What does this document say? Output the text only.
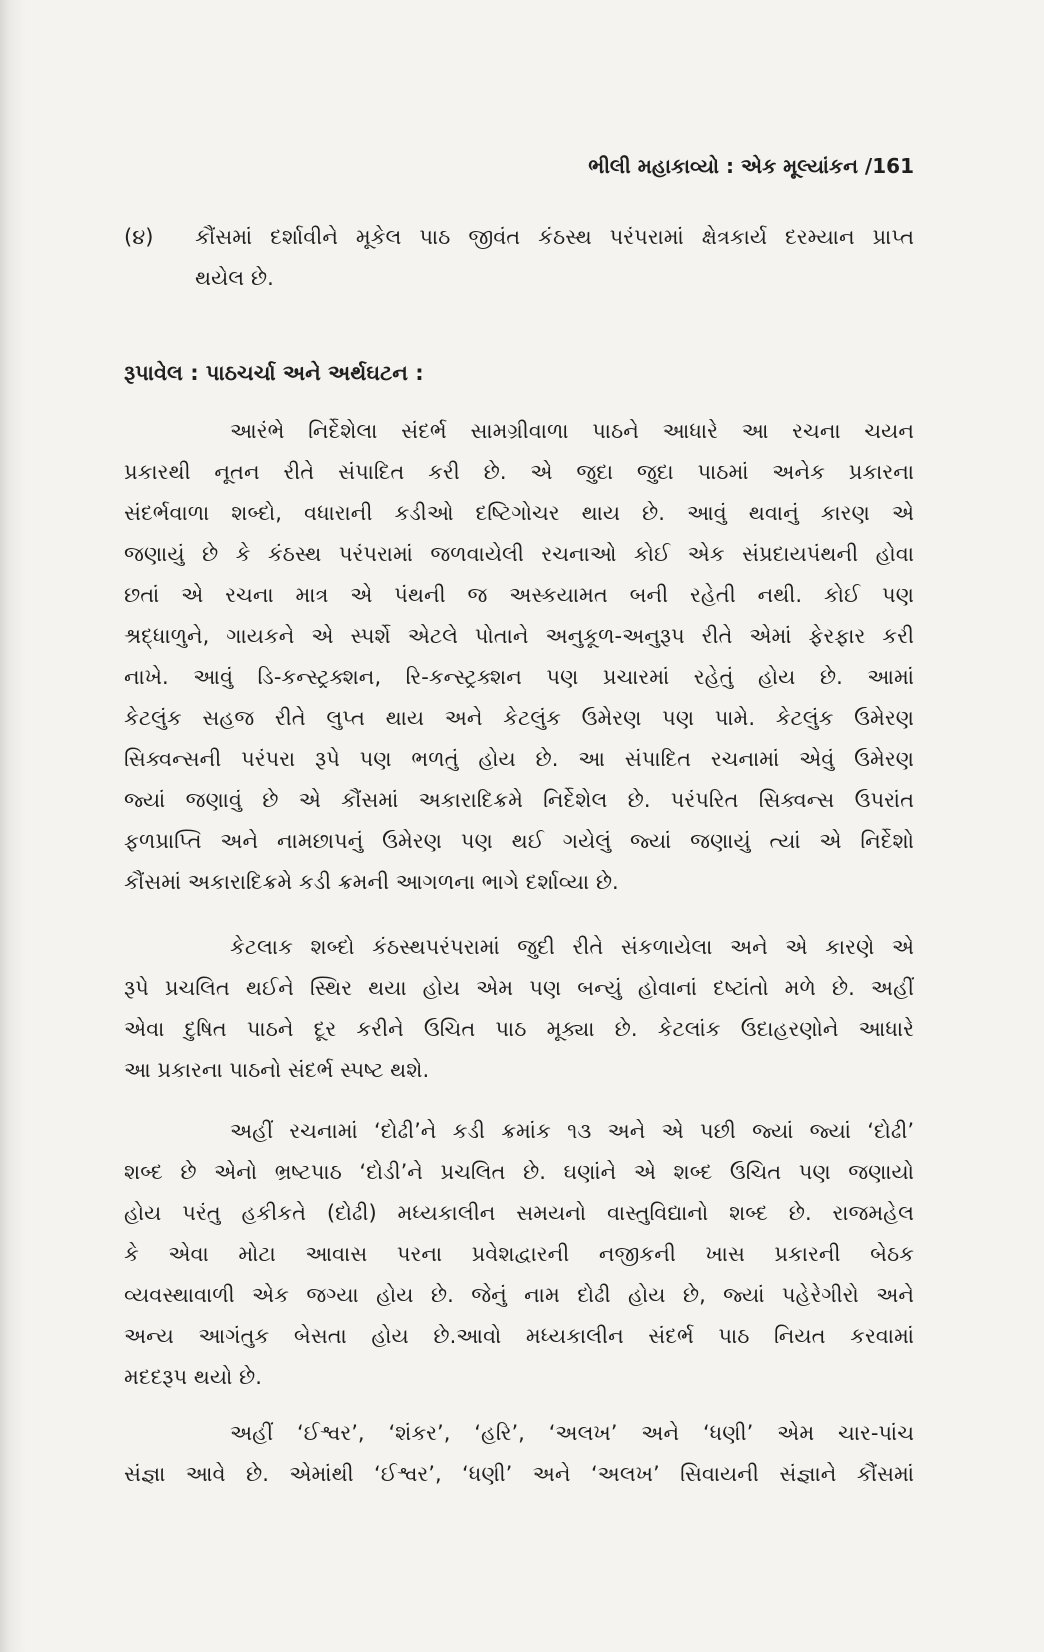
ભીલી મહાકાવ્યો : એક મૂલ્યાંકન /161
(૪) કૌંસમાં દર્શાવીને મૂકેલ પાઠ જીવંત કંઠસ્થ પરંપરામાં ક્ષેત્રકાર્ય દરમ્યાન પ્રાપ્ત
થયેલ છે.
રૂપાવેલ : પાઠચર્ચા અને અર્થઘટન :
આરંભે નિર્દેશેલા સંદર્ભ સામગ્રીવાળા પાઠને આધારે આ રચના ચયન
પ્રકારથી નૂતન રીતે સંપાદિત કરી છે. એ જુદા જુદા પાઠમાં અનેક પ્રકારના
સંદર્ભવાળા શબ્દો, વધારાની કડીઓ દષ્ટિગોચર થાય છે. આવું થવાનું કારણ એ
જણાયું છે કે કંઠસ્થ પરંપરામાં જળવાયેલી રચનાઓ કોઈ એક સંપ્રદાયપંથની હોવા
છતાં એ રચના માત્ર એ પંથની જ અસ્કયામત બની રહેતી નથી. કોઈ પણ
શ્રદ્ધાળુને, ગાયકને એ સ્પર્શે એટલે પોતાને અનુકૂળ-અનુરૂપ રીતે એમાં ફેરફાર કરી
નાખે. આવું ડિ-કન્સ્ટ્રક્શન, રિ-કન્સ્ટ્રક્શન પણ પ્રચારમાં રહેતું હોય છે. આમાં
કેટલુંક સહજ રીતે લુપ્ત થાય અને કેટલુંક ઉમેરણ પણ પામે. કેટલુંક ઉમેરણ
સિક્વન્સની પરંપરા રૂપે પણ ભળતું હોય છે. આ સંપાદિત રચનામાં એવું ઉમેરણ
જ્યાં જણાવું છે એ કૌંસમાં અકારાદિક્રમે નિર્દેશેલ છે. પરંપરિત સિક્વન્સ ઉપરાંત
ફળપ્રાપ્તિ અને નામછાપનું ઉમેરણ પણ થઈ ગયેલું જ્યાં જણાયું ત્યાં એ નિર્દેશો
કૌંસમાં અકારાદિક્રમે કડી ક્રમની આગળના ભાગે દર્શાવ્યા છે.
કેટલાક શબ્દો કંઠસ્થપરંપરામાં જુદી રીતે સંકળાયેલા અને એ કારણે એ
રૂપે પ્રચલિત થઈને સ્થિર થયા હોય એમ પણ બન્યું હોવાનાં દષ્ટાંતો મળે છે. અહીં
એવા દુષિત પાઠને દૂર કરીને ઉચિત પાઠ મૂક્યા છે. કેટલાંક ઉદાહરણોને આધારે
આ પ્રકારના પાઠનો સંદર્ભ સ્પષ્ટ થશે.
અહીં રચનામાં ‘દોઢી’ને કડી ક્રમાંક ૧૩ અને એ પછી જ્યાં જ્યાં ‘દોઢી’
શબ્દ છે એનો ભ્રષ્ટપાઠ ‘દોડી’ને પ્રચલિત છે. ઘણાંને એ શબ્દ ઉચિત પણ જણાયો
હોય પરંતુ હકીકતે (દોઢી) મધ્યકાલીન સમયનો વાસ્તુવિદ્યાનો શબ્દ છે. રાજમહેલ
કે એવા મોટા આવાસ પરના પ્રવેશદ્વારની નજીકની ખાસ પ્રકારની બેઠક
વ્યવસ્થાવાળી એક જગ્યા હોય છે. જેનું નામ દોઢી હોય છે, જ્યાં પહેરેગીરો અને
અન્ય આગંતુક બેસતા હોય છે.આવો મધ્યકાલીન સંદર્ભ પાઠ નિયત કરવામાં
મદદરૂપ થયો છે.
અહીં ‘ઈશ્વર’, ‘શંકર’, ‘હરિ’, ‘અલખ’ અને ‘ધણી’ એમ ચાર-પાંચ
સંજ્ઞા આવે છે. એમાંથી ‘ઈશ્વર’, ‘ધણી’ અને ‘અલખ’ સિવાયની સંજ્ઞાને કૌંસમાં
